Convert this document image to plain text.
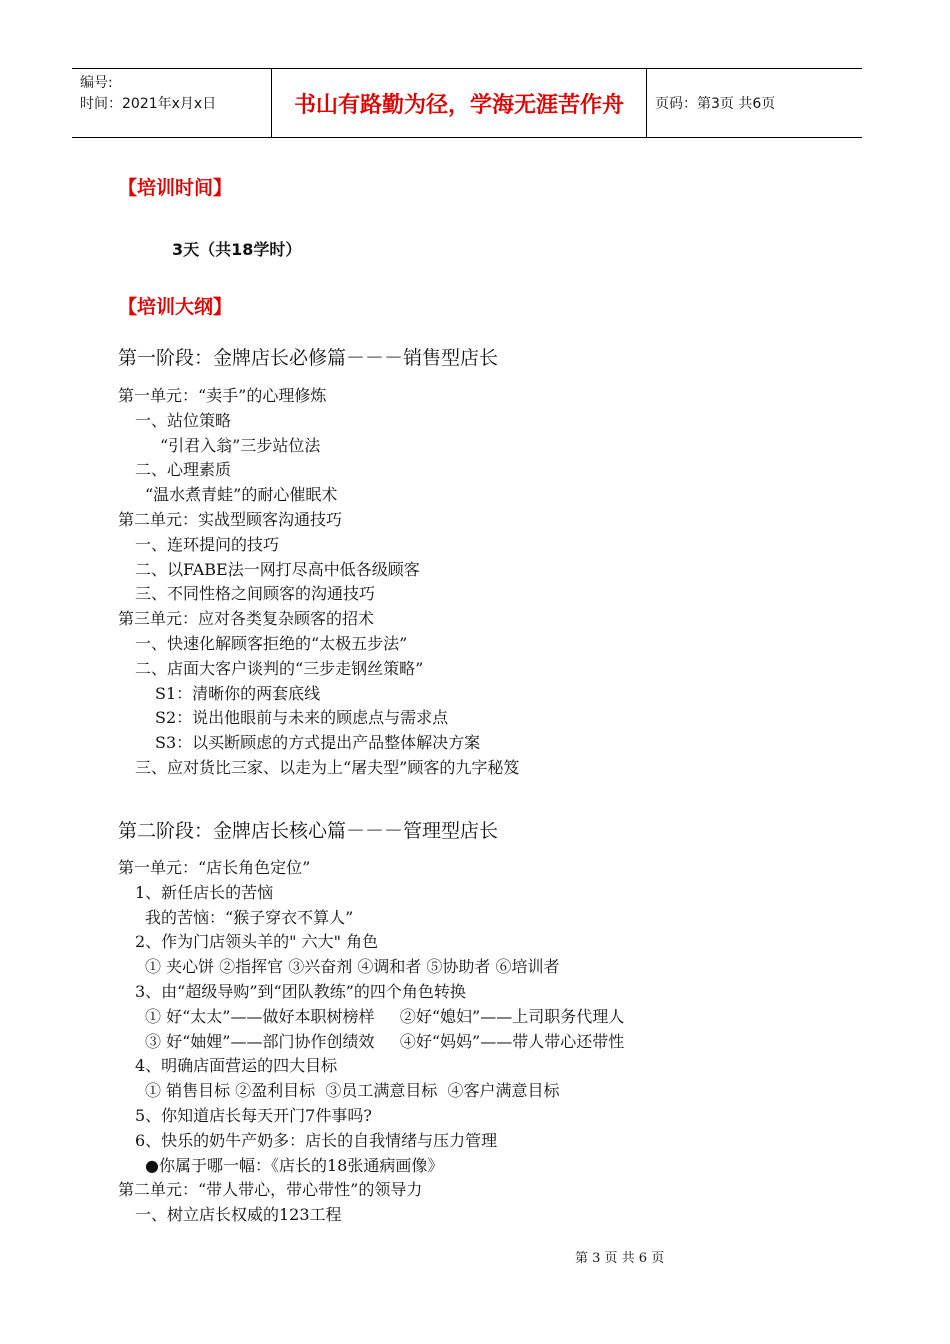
编号:
时间：2021年x月x日	书山有路勤为径，学海无涯苦作舟	页码：第3页 共6页
【培训时间】
3天（共18学时）
【培训大纲】
第一阶段：金牌店长必修篇－－－销售型店长
第一单元：“卖手”的心理修炼
一、站位策略
“引君入翁”三步站位法
二、心理素质
“温水煮青蛙”的耐心催眠术
第二单元：实战型顾客沟通技巧
一、连环提问的技巧
二、以FABE法一网打尽高中低各级顾客
三、不同性格之间顾客的沟通技巧
第三单元：应对各类复杂顾客的招术
一、快速化解顾客拒绝的“太极五步法”
二、店面大客户谈判的“三步走钢丝策略”
S1：清晰你的两套底线
S2：说出他眼前与未来的顾虑点与需求点
S3：以买断顾虑的方式提出产品整体解决方案
三、应对货比三家、以走为上“屠夫型”顾客的九字秘笈
第二阶段：金牌店长核心篇－－－管理型店长
第一单元：“店长角色定位”
1、新任店长的苦恼
我的苦恼：“猴子穿衣不算人”
2、作为门店领头羊的" 六大" 角色
① 夹心饼 ②指挥官 ③兴奋剂 ④调和者 ⑤协助者 ⑥培训者
3、由“超级导购”到“团队教练”的四个角色转换
① 好“太太”——做好本职树榜样     ②好“媳妇”——上司职务代理人
③ 好“妯娌”——部门协作创绩效     ④好“妈妈”——带人带心还带性
4、明确店面营运的四大目标
① 销售目标 ②盈利目标  ③员工满意目标  ④客户满意目标
5、你知道店长每天开门7件事吗?
6、快乐的奶牛产奶多：店长的自我情绪与压力管理
●你属于哪一幅：《店长的18张通病画像》
第二单元：“带人带心，带心带性”的领导力
一、树立店长权威的123工程
第 3 页 共 6 页
